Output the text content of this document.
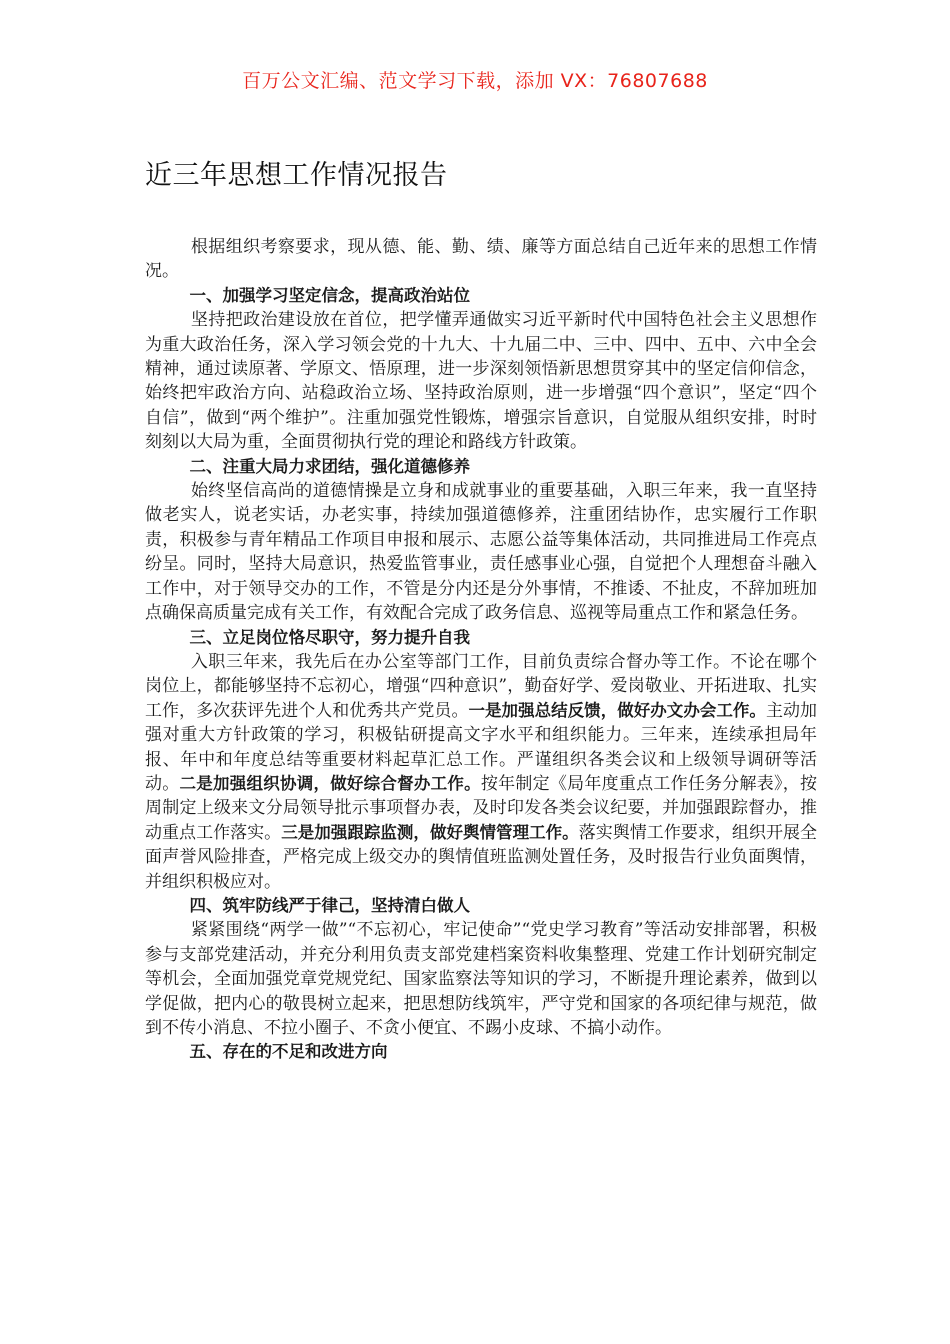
百万公文汇编、范文学习下载，添加 VX：76807688
近三年思想工作情况报告

根据组织考察要求，现从德、能、勤、绩、廉等方面总结自己近年来的思想工作情况。

一、加强学习坚定信念，提高政治站位

坚持把政治建设放在首位，把学懂弄通做实习近平新时代中国特色社会主义思想作为重大政治任务，深入学习领会党的十九大、十九届二中、三中、四中、五中、六中全会精神，通过读原著、学原文、悟原理，进一步深刻领悟新思想贯穿其中的坚定信仰信念，始终把牢政治方向、站稳政治立场、坚持政治原则，进一步增强“四个意识”，坚定“四个自信”，做到“两个维护”。注重加强党性锻炼，增强宗旨意识，自觉服从组织安排，时时刻刻以大局为重，全面贯彻执行党的理论和路线方针政策。

二、注重大局力求团结，强化道德修养

始终坚信高尚的道德情操是立身和成就事业的重要基础，入职三年来，我一直坚持做老实人，说老实话，办老实事，持续加强道德修养，注重团结协作，忠实履行工作职责，积极参与青年精品工作项目申报和展示、志愿公益等集体活动，共同推进局工作亮点纷呈。同时，坚持大局意识，热爱监管事业，责任感事业心强，自觉把个人理想奋斗融入工作中，对于领导交办的工作，不管是分内还是分外事情，不推诿、不扯皮，不辞加班加点确保高质量完成有关工作，有效配合完成了政务信息、巡视等局重点工作和紧急任务。

三、立足岗位恪尽职守，努力提升自我

入职三年来，我先后在办公室等部门工作，目前负责综合督办等工作。不论在哪个岗位上，都能够坚持不忘初心，增强“四种意识”，勤奋好学、爱岗敬业、开拓进取、扎实工作，多次获评先进个人和优秀共产党员。一是加强总结反馈，做好办文办会工作。主动加强对重大方针政策的学习，积极钻研提高文字水平和组织能力。三年来，连续承担局年报、年中和年度总结等重要材料起草汇总工作。严谨组织各类会议和上级领导调研等活动。二是加强组织协调，做好综合督办工作。按年制定《局年度重点工作任务分解表》，按周制定上级来文分局领导批示事项督办表，及时印发各类会议纪要，并加强跟踪督办，推动重点工作落实。三是加强跟踪监测，做好舆情管理工作。落实舆情工作要求，组织开展全面声誉风险排查，严格完成上级交办的舆情值班监测处置任务，及时报告行业负面舆情，并组织积极应对。

四、筑牢防线严于律己，坚持清白做人

紧紧围绕“两学一做”“不忘初心，牢记使命”“党史学习教育”等活动安排部署，积极参与支部党建活动，并充分利用负责支部党建档案资料收集整理、党建工作计划研究制定等机会，全面加强党章党规党纪、国家监察法等知识的学习，不断提升理论素养，做到以学促做，把内心的敬畏树立起来，把思想防线筑牢，严守党和国家的各项纪律与规范，做到不传小消息、不拉小圈子、不贪小便宜、不踢小皮球、不搞小动作。

五、存在的不足和改进方向
